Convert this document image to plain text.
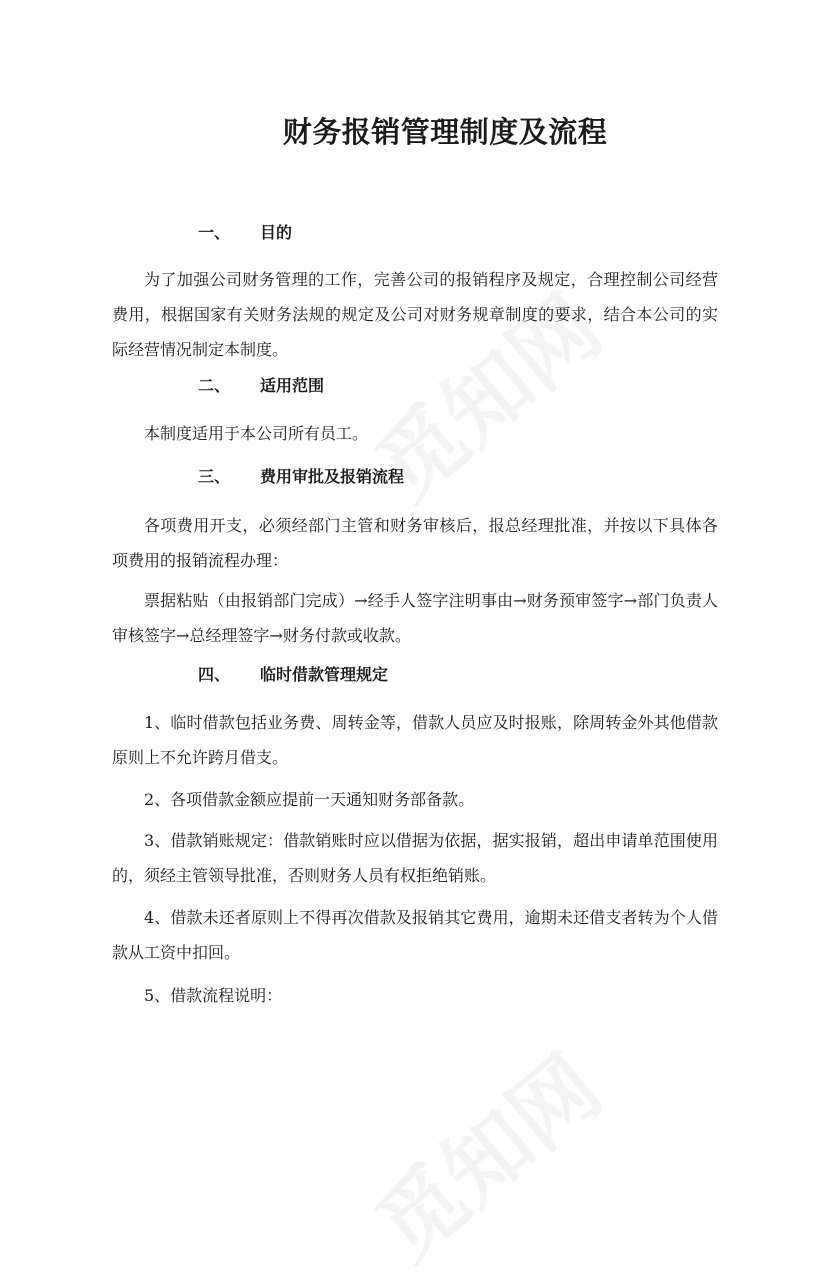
财务报销管理制度及流程
一、 目的
为了加强公司财务管理的工作，完善公司的报销程序及规定，合理控制公司经营费用，根据国家有关财务法规的规定及公司对财务规章制度的要求，结合本公司的实际经营情况制定本制度。
二、 适用范围
本制度适用于本公司所有员工。
三、 费用审批及报销流程
各项费用开支，必须经部门主管和财务审核后，报总经理批准，并按以下具体各项费用的报销流程办理：
票据粘贴（由报销部门完成）→经手人签字注明事由→财务预审签字→部门负责人审核签字→总经理签字→财务付款或收款。
四、 临时借款管理规定
1、临时借款包括业务费、周转金等，借款人员应及时报账，除周转金外其他借款原则上不允许跨月借支。
2、各项借款金额应提前一天通知财务部备款。
3、借款销账规定：借款销账时应以借据为依据，据实报销，超出申请单范围使用的，须经主管领导批准，否则财务人员有权拒绝销账。
4、借款未还者原则上不得再次借款及报销其它费用，逾期未还借支者转为个人借款从工资中扣回。
5、借款流程说明：
